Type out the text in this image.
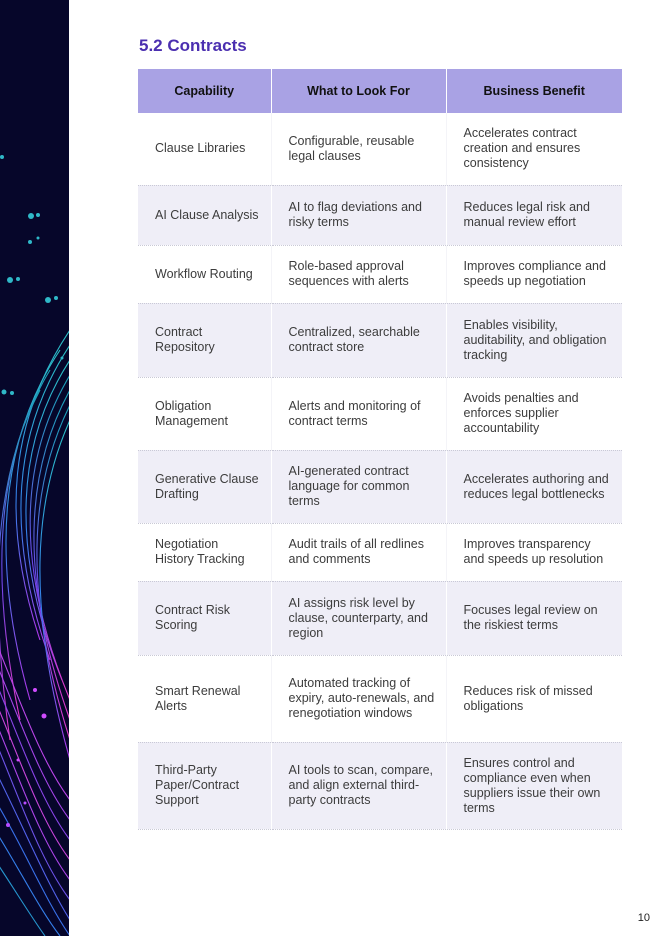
5.2 Contracts
Capability	What to Look For	Business Benefit
Clause Libraries	Configurable, reusable legal clauses	Accelerates contract creation and ensures consistency
AI Clause Analysis	AI to flag deviations and risky terms	Reduces legal risk and manual review effort
Workflow Routing	Role-based approval sequences with alerts	Improves compliance and speeds up negotiation
Contract Repository	Centralized, searchable contract store	Enables visibility, auditability, and obligation tracking
Obligation Management	Alerts and monitoring of contract terms	Avoids penalties and enforces supplier accountability
Generative Clause Drafting	AI-generated contract language for common terms	Accelerates authoring and reduces legal bottlenecks
Negotiation History Tracking	Audit trails of all redlines and comments	Improves transparency and speeds up resolution
Contract Risk Scoring	AI assigns risk level by clause, counterparty, and region	Focuses legal review on the riskiest terms
Smart Renewal Alerts	Automated tracking of expiry, auto-renewals, and renegotiation windows	Reduces risk of missed obligations
Third-Party Paper/Contract Support	AI tools to scan, compare, and align external third-party contracts	Ensures control and compliance even when suppliers issue their own terms
10
